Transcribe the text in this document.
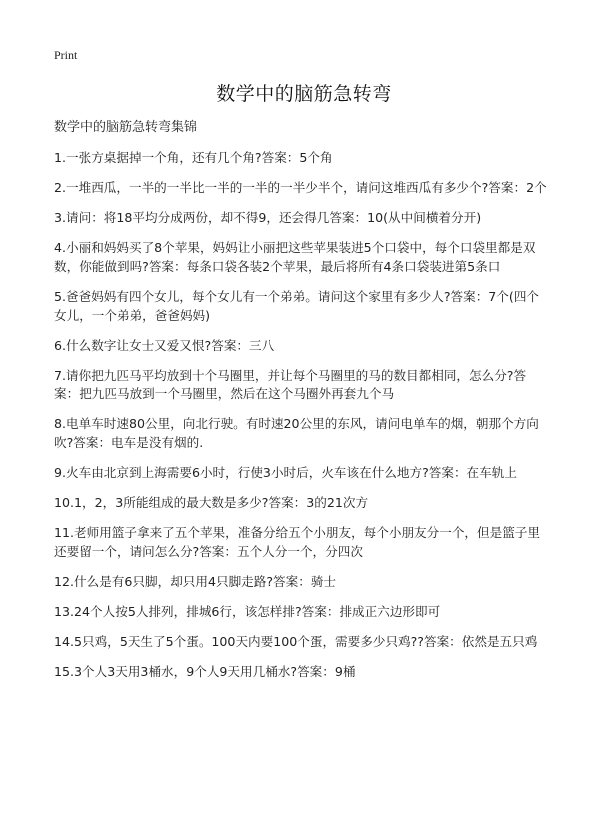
Print
数学中的脑筋急转弯
数学中的脑筋急转弯集锦
1.一张方桌据掉一个角，还有几个角?答案：5个角
2.一堆西瓜，一半的一半比一半的一半的一半少半个，请问这堆西瓜有多少个?答案：2个
3.请问：将18平均分成两份，却不得9，还会得几答案：10(从中间横着分开)
4.小丽和妈妈买了8个苹果，妈妈让小丽把这些苹果装进5个口袋中，每个口袋里都是双数，你能做到吗?答案：每条口袋各装2个苹果，最后将所有4条口袋装进第5条口
5.爸爸妈妈有四个女儿，每个女儿有一个弟弟。请问这个家里有多少人?答案：7个(四个女儿，一个弟弟，爸爸妈妈)
6.什么数字让女士又爱又恨?答案：三八
7.请你把九匹马平均放到十个马圈里，并让每个马圈里的马的数目都相同，怎么分?答案：把九匹马放到一个马圈里，然后在这个马圈外再套九个马
8.电单车时速80公里，向北行驶。有时速20公里的东风，请问电单车的烟，朝那个方向吹?答案：电车是没有烟的.
9.火车由北京到上海需要6小时，行使3小时后，火车该在什么地方?答案：在车轨上
10.1，2，3所能组成的最大数是多少?答案：3的21次方
11.老师用篮子拿来了五个苹果，准备分给五个小朋友，每个小朋友分一个，但是篮子里还要留一个，请问怎么分?答案：五个人分一个，分四次
12.什么是有6只脚，却只用4只脚走路?答案：骑士
13.24个人按5人排列，排城6行，该怎样排?答案：排成正六边形即可
14.5只鸡，5天生了5个蛋。100天内要100个蛋，需要多少只鸡??答案：依然是五只鸡
15.3个人3天用3桶水，9个人9天用几桶水?答案：9桶
